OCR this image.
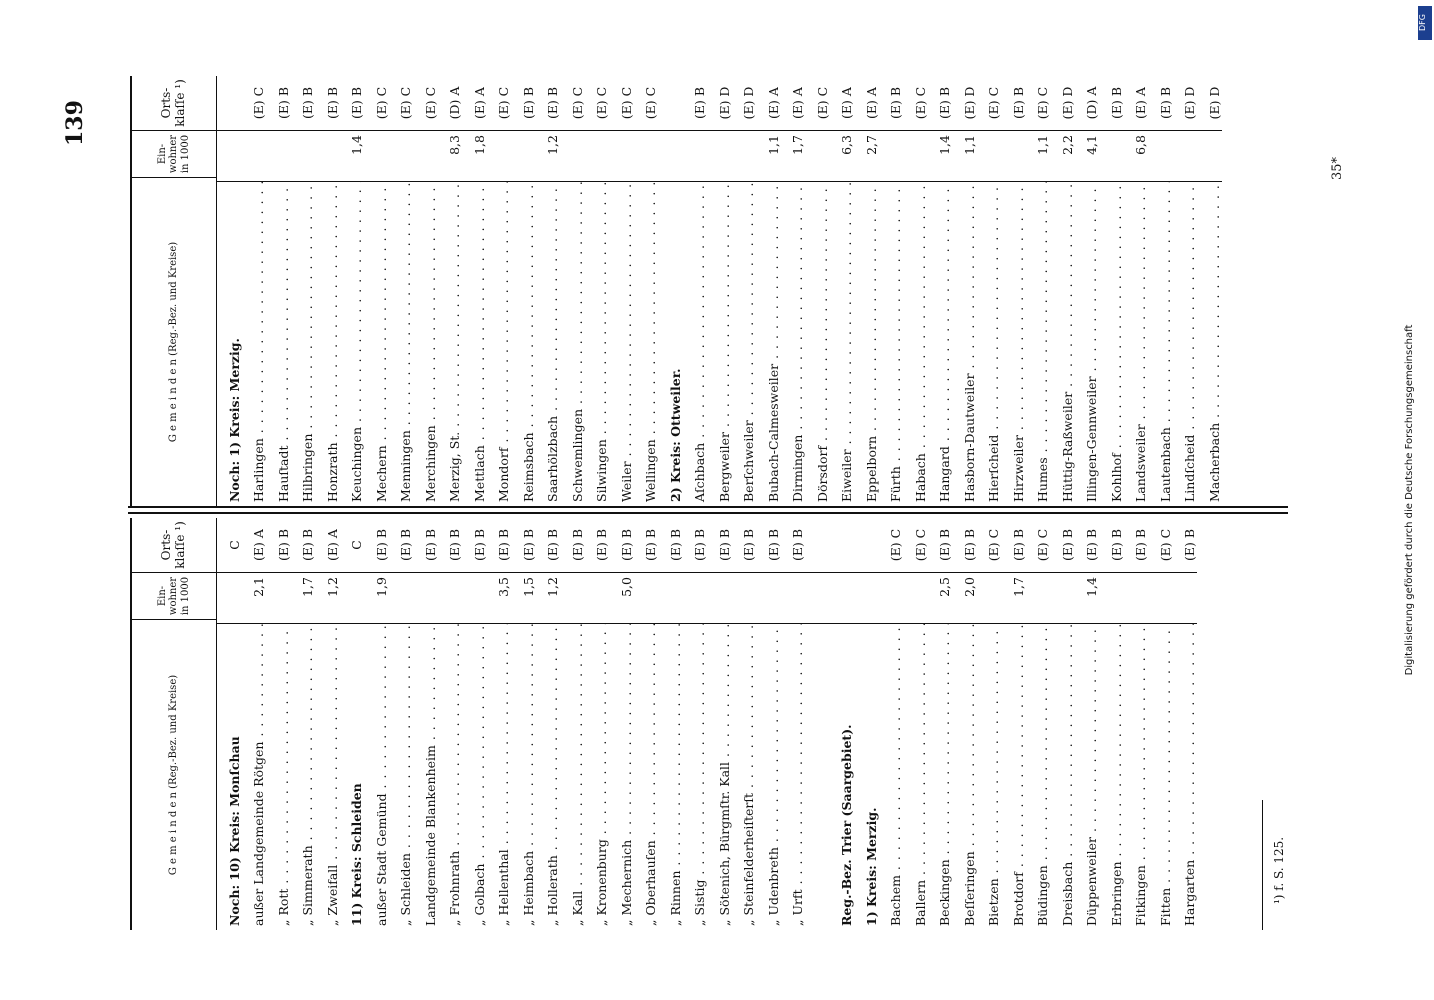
139
35*
G e m e i n d e n (Reg.-Bez. und Kreise)
Ein- wohner in 1000
Orts- klaſſe ¹)
Noch: 10) Kreis: Monſchau
C
außer Landgemeinde Rötgen . . .
2,1
(E) A
„ Rott . . .
(E) B
„ Simmerath . . .
1,7
(E) B
„ Zweifall . . .
1,2
(E) A
11) Kreis: Schleiden
C
außer Stadt Gemünd . . .
1,9
(E) B
„ Schleiden . . .
(E) B
Landgemeinde Blankenheim . . .
(E) B
„ Frohnrath . . .
(E) B
„ Golbach . . .
(E) B
„ Hellenthal . . .
3,5
(E) B
„ Heimbach . . .
1,5
(E) B
„ Hollerath . . .
1,2
(E) B
„ Kall . . .
(E) B
„ Kronenburg . . .
(E) B
„ Mechernich . . .
5,0
(E) B
„ Oberhauſen . . .
(E) B
„ Rinnen . . .
(E) B
„ Sistig . . .
(E) B
„ Sötenich, Bürgmſtr. Kall . . .
(E) B
„ Steinfelderheiſterſt . . .
(E) B
„ Udenbreth . . .
(E) B
„ Urft . . .
(E) B
Reg.-Bez. Trier (Saargebiet). 1) Kreis: Merzig. Bachem . . .
(E) C
Ballern . . .
(E) C
Beckingen . . .
2,5
(E) B
Beſſeringen . . .
2,0
(E) B
Bietzen . . .
(E) C
Brotdorf . . .
1,7
(E) B
Büdingen . . .
(E) C
Dreisbach . . .
(E) B
Düppenweiler . . .
1,4
(E) B
Erbringen . . .
(E) B
Fitkingen . . .
(E) B
Fitten . . .
(E) C
Hargarten . . .
(E) B
G e m e i n d e n (Reg.-Bez. und Kreise)
Ein- wohner in 1000
Orts- klaſſe ¹)
Noch: 1) Kreis: Merzig. Harlingen . . .
(E) C
Hauſtadt . . .
(E) B
Hilbringen . . .
(E) B
Honzrath . . .
(E) B
Keuchingen . . .
1,4
(E) B
Mechern . . .
(E) C
Menningen . . .
(E) C
Merchingen . . .
(E) C
Merzig, St. . . .
8,3
(D) A
Mettlach . . .
1,8
(E) A
Mondorf . . .
(E) C
Reimsbach . . .
(E) B
Saarhölzbach . . .
1,2
(E) B
Schwemlingen . . .
(E) C
Silwingen . . .
(E) C
Weiler . . .
(E) C
Wellingen . . .
(E) C
2) Kreis: Ottweiler. Aſchbach . . .
(E) B
Bergweiler . . .
(E) D
Berſchweiler . . .
(E) D
Bubach-Calmesweiler . . .
1,1
(E) A
Dirmingen . . .
1,7
(E) A
Dörsdorf . . .
(E) C
Eiweiler . . .
6,3
(E) A
Eppelborn . . .
2,7
(E) A
Fürth . . .
(E) B
Habach . . .
(E) C
Hangard . . .
1,4
(E) B
Hasborn-Dautweiler . . .
1,1
(E) D
Hierſcheid . . .
(E) C
Hirzweiler . . .
(E) B
Humes . . .
1,1
(E) C
Hüttig-Raßweiler . . .
2,2
(E) D
Illingen-Gennweiler . . .
4,1
(D) A
Kohlhof . . .
(E) B
Landsweiler . . .
6,8
(E) A
Lautenbach . . .
(E) B
Lindſcheid . . .
(E) D
Macherbach . . .
(E) D
¹) f. S. 125.
Digitalisierung gefördert durch die Deutsche Forschungsgemeinschaft
DFG
